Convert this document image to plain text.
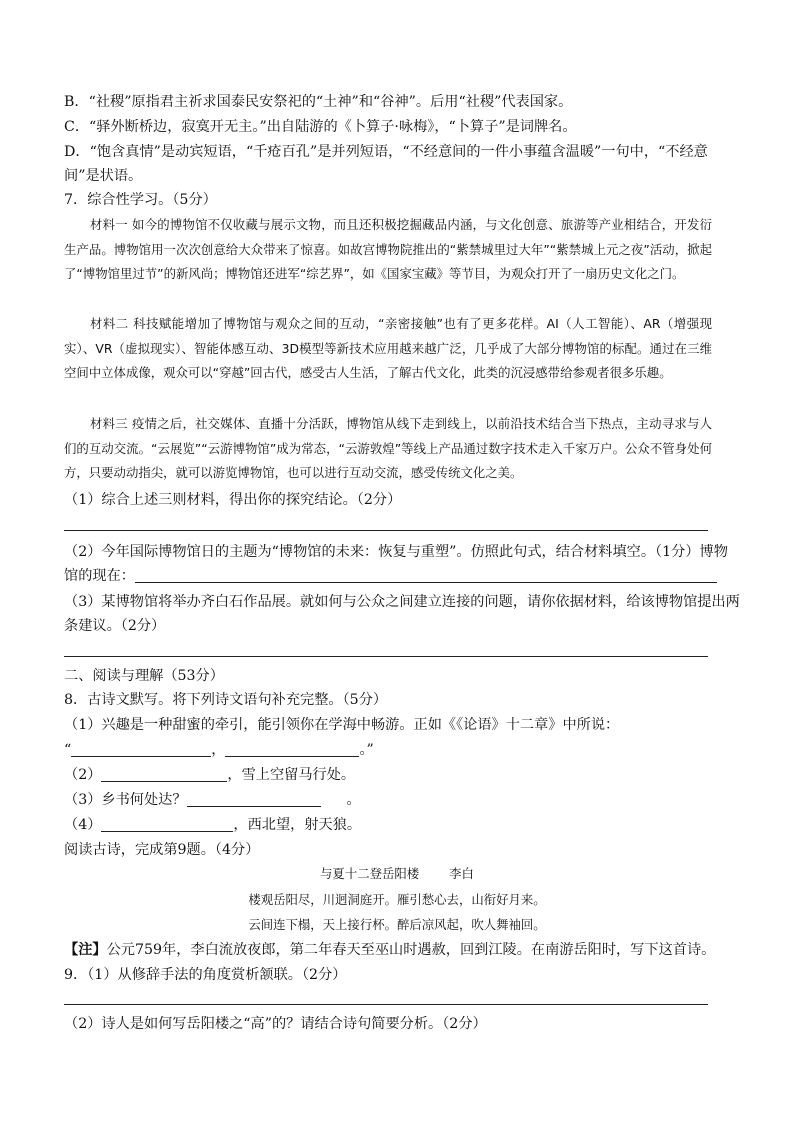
B．“社稷”原指君主祈求国泰民安祭祀的“土神”和“谷神”。后用“社稷”代表国家。
C．“驿外断桥边，寂寞开无主。”出自陆游的《卜算子·咏梅》，“卜算子”是词牌名。
D．“饱含真情”是动宾短语，“千疮百孔”是并列短语，“不经意间的一件小事蕴含温暖”一句中，“不经意
间”是状语。
7．综合性学习。（5分）
材料一 如今的博物馆不仅收藏与展示文物，而且还积极挖掘藏品内涵，与文化创意、旅游等产业相结合，开发衍生产品。博物馆用一次次创意给大众带来了惊喜。如故宫博物院推出的“紫禁城里过大年”“紫禁城上元之夜”活动，掀起了“博物馆里过节”的新风尚；博物馆还进军“综艺界”，如《国家宝藏》等节目，为观众打开了一扇历史文化之门。
材料二 科技赋能增加了博物馆与观众之间的互动，“亲密接触”也有了更多花样。AI（人工智能）、AR（增强现实）、VR（虚拟现实）、智能体感互动、3D模型等新技术应用越来越广泛，几乎成了大部分博物馆的标配。通过在三维空间中立体成像，观众可以“穿越”回古代，感受古人生活，了解古代文化，此类的沉浸感带给参观者很多乐趣。
材料三 疫情之后，社交媒体、直播十分活跃，博物馆从线下走到线上，以前沿技术结合当下热点，主动寻求与人们的互动交流。“云展览”“云游博物馆”成为常态，“云游敦煌”等线上产品通过数字技术走入千家万户。公众不管身处何方，只要动动指尖，就可以游览博物馆，也可以进行互动交流，感受传统文化之美。
（1）综合上述三则材料，得出你的探究结论。（2分）
（2）今年国际博物馆日的主题为“博物馆的未来：恢复与重塑”。仿照此句式，结合材料填空。（1分）博物
馆的现在：
（3）某博物馆将举办齐白石作品展。就如何与公众之间建立连接的问题，请你依据材料，给该博物馆提出两
条建议。（2分）
二、阅读与理解（53分）
8．古诗文默写。将下列诗文语句补充完整。（5分）
（1）兴趣是一种甜蜜的牵引，能引领你在学海中畅游。正如《《论语》十二章》中所说：
“	，	。”
（2）	，雪上空留马行处。
（3）乡书何处达？	。
（4）	，西北望，射天狼。
阅读古诗，完成第9题。（4分）
与夏十二登岳阳楼 李白
楼观岳阳尽，川迥洞庭开。雁引愁心去，山衔好月来。
云间连下榻，天上接行杯。醉后凉风起，吹人舞袖回。
【注】公元759年，李白流放夜郎，第二年春天至巫山时遇赦，回到江陵。在南游岳阳时，写下这首诗。
9．（1）从修辞手法的角度赏析颔联。（2分）
（2）诗人是如何写岳阳楼之“高”的？请结合诗句简要分析。（2分）
